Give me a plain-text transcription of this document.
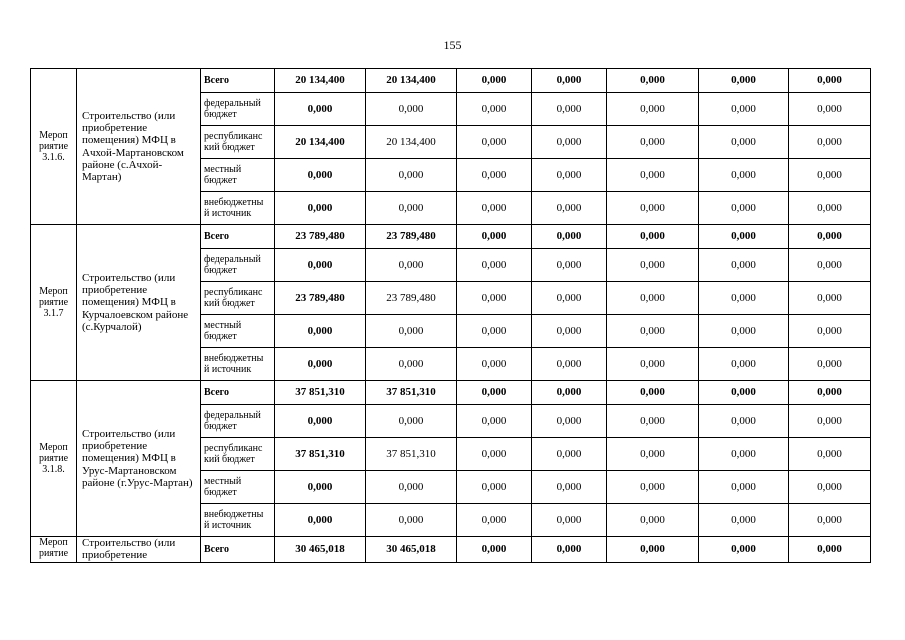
155
Мероп риятие 3.1.6.	Строительство (или приобретение помещения) МФЦ в Ачхой-Мартановском районе (с.Ачхой-Мартан)	Всего	20 134,400	20 134,400	0,000	0,000	0,000	0,000	0,000
		федеральный бюджет	0,000	0,000	0,000	0,000	0,000	0,000	0,000
		республиканс кий бюджет	20 134,400	20 134,400	0,000	0,000	0,000	0,000	0,000
		местный бюджет	0,000	0,000	0,000	0,000	0,000	0,000	0,000
		внебюджетны й источник	0,000	0,000	0,000	0,000	0,000	0,000	0,000
Мероп риятие 3.1.7	Строительство (или приобретение помещения) МФЦ в Курчалоевском районе (с.Курчалой)	Всего	23 789,480	23 789,480	0,000	0,000	0,000	0,000	0,000
		федеральный бюджет	0,000	0,000	0,000	0,000	0,000	0,000	0,000
		республиканс кий бюджет	23 789,480	23 789,480	0,000	0,000	0,000	0,000	0,000
		местный бюджет	0,000	0,000	0,000	0,000	0,000	0,000	0,000
		внебюджетны й источник	0,000	0,000	0,000	0,000	0,000	0,000	0,000
Мероп риятие 3.1.8.	Строительство (или приобретение помещения) МФЦ в Урус-Мартановском районе (г.Урус-Мартан)	Всего	37 851,310	37 851,310	0,000	0,000	0,000	0,000	0,000
		федеральный бюджет	0,000	0,000	0,000	0,000	0,000	0,000	0,000
		республиканс кий бюджет	37 851,310	37 851,310	0,000	0,000	0,000	0,000	0,000
		местный бюджет	0,000	0,000	0,000	0,000	0,000	0,000	0,000
		внебюджетны й источник	0,000	0,000	0,000	0,000	0,000	0,000	0,000
Мероп риятие	Строительство (или приобретение	Всего	30 465,018	30 465,018	0,000	0,000	0,000	0,000	0,000
